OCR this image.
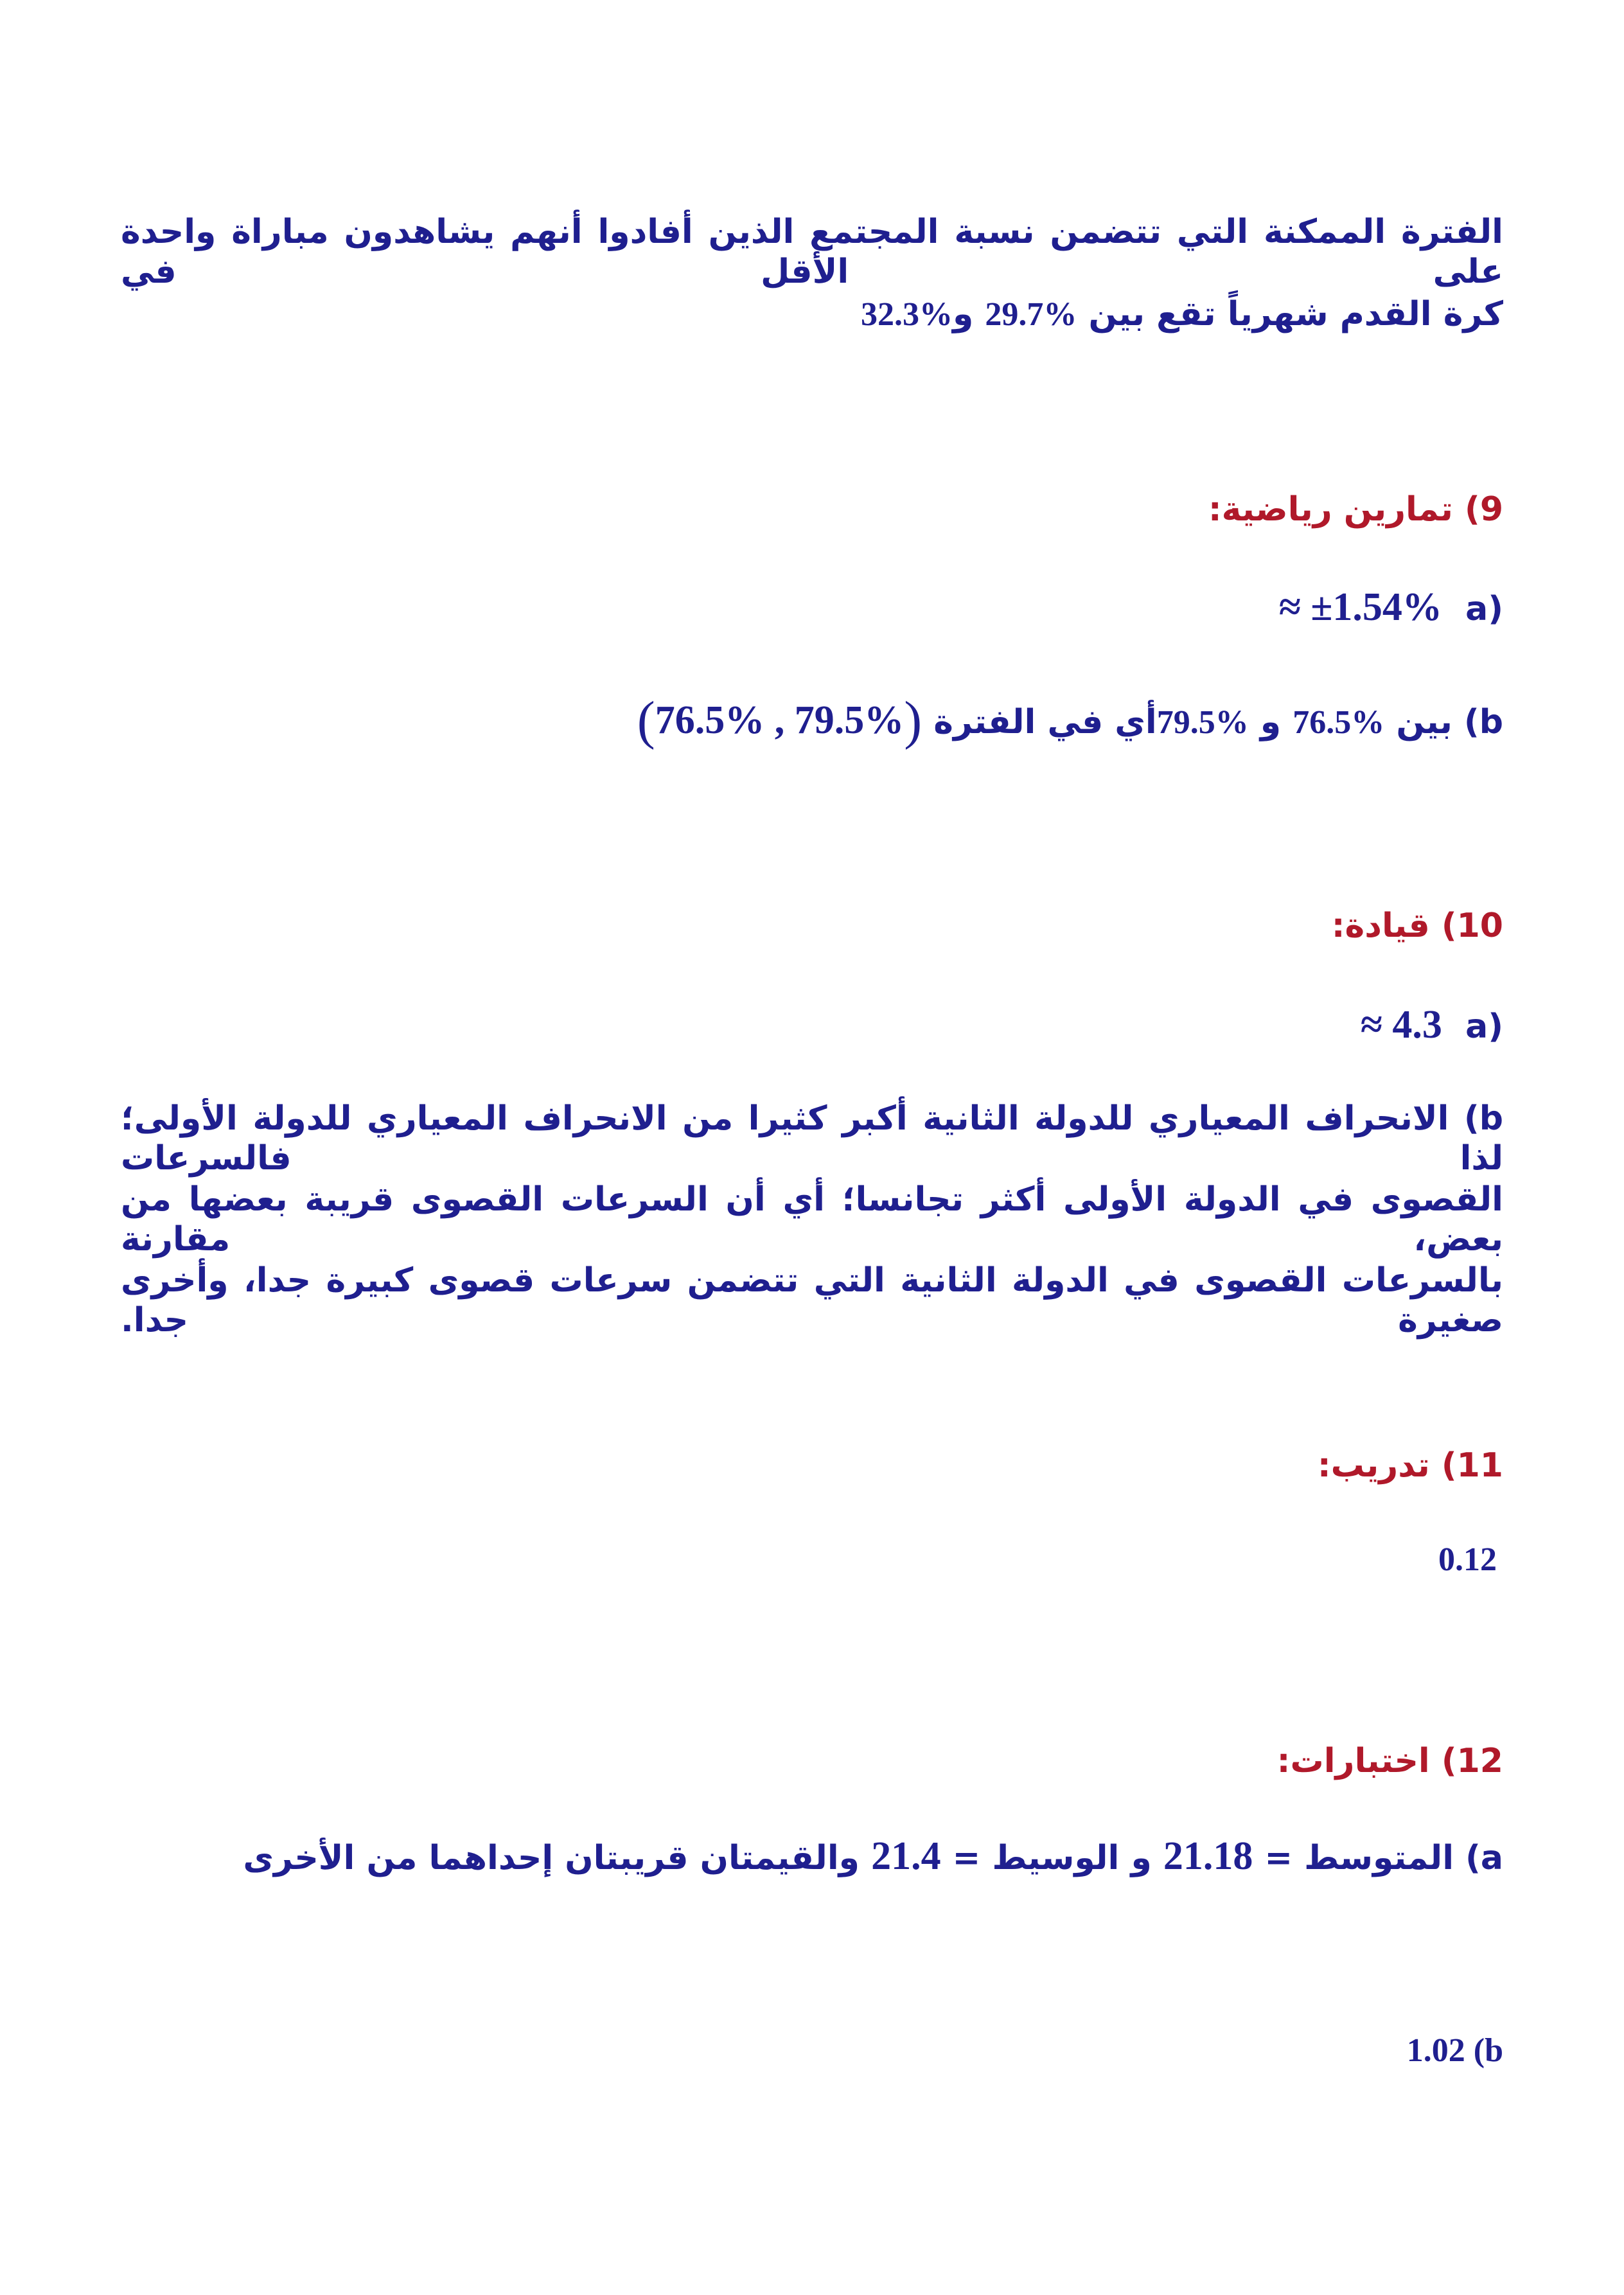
الفترة الممكنة التي تتضمن نسبة المجتمع الذين أفادوا أنهم يشاهدون مباراة واحدة على الأقل في
كرة القدم شهرياً تقع بين 29.7% و32.3%
9) تمارين رياضية:
(a  ≈ ±1.54%
b) بين 76.5% و 79.5%أي في الفترة (76.5% , 79.5%)
10) قيادة:
(a  ≈ 4.3
b) الانحراف المعياري للدولة الثانية أكبر كثيرا من الانحراف المعياري للدولة الأولى؛ لذا فالسرعات
القصوى في الدولة الأولى أكثر تجانسا؛ أي أن السرعات القصوى قريبة بعضها من بعض، مقارنة
بالسرعات القصوى في الدولة الثانية التي تتضمن سرعات قصوى كبيرة جدا، وأخرى صغيرة جدا.
11) تدريب:
0.12
12) اختبارات:
a) المتوسط = 21.18 و الوسيط = 21.4 والقيمتان قريبتان إحداهما من الأخرى
1.02 (b
